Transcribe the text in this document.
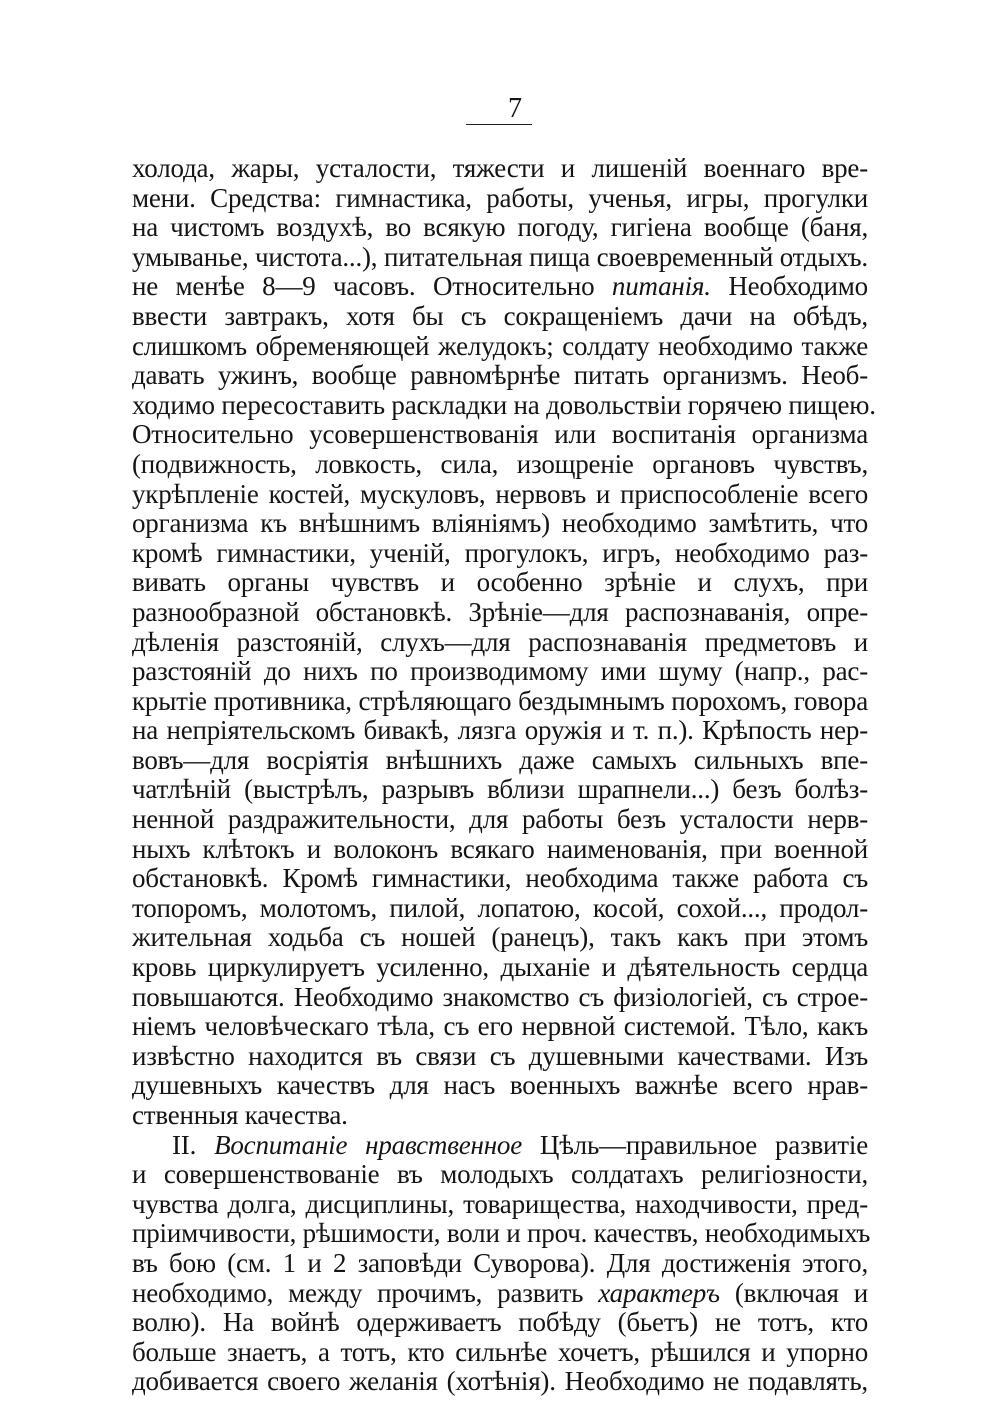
7
холода, жары, усталости, тяжести и лишеній военнаго вре-
мени. Средства: гимнастика, работы, ученья, игры, прогулки
на чистомъ воздухѣ, во всякую погоду, гигіена вообще (баня,
умыванье, чистота...), питательная пища своевременный отдыхъ.
не менѣе 8—9 часовъ. Относительно питанія. Необходимо
ввести завтракъ, хотя бы съ сокращеніемъ дачи на обѣдъ,
слишкомъ обременяющей желудокъ; солдату необходимо также
давать ужинъ, вообще равномѣрнѣе питать организмъ. Необ-
ходимо пересоставить раскладки на довольствіи горячею пищею.
Относительно усовершенствованія или воспитанія организма
(подвижность, ловкость, сила, изощреніе органовъ чувствъ,
укрѣпленіе костей, мускуловъ, нервовъ и приспособленіе всего
организма къ внѣшнимъ вліяніямъ) необходимо замѣтить, что
кромѣ гимнастики, ученій, прогулокъ, игръ, необходимо раз-
вивать органы чувствъ и особенно зрѣніе и слухъ, при
разнообразной обстановкѣ. Зрѣніе—для распознаванія, опре-
дѣленія разстояній, слухъ—для распознаванія предметовъ и
разстояній до нихъ по производимому ими шуму (напр., рас-
крытіе противника, стрѣляющаго бездымнымъ порохомъ, говора
на непріятельскомъ бивакѣ, лязга оружія и т. п.). Крѣпость нер-
вовъ—для восріятія внѣшнихъ даже самыхъ сильныхъ впе-
чатлѣній (выстрѣлъ, разрывъ вблизи шрапнели...) безъ болѣз-
ненной раздражительности, для работы безъ усталости нерв-
ныхъ клѣтокъ и волоконъ всякаго наименованія, при военной
обстановкѣ. Кромѣ гимнастики, необходима также работа съ
топоромъ, молотомъ, пилой, лопатою, косой, сохой..., продол-
жительная ходьба съ ношей (ранецъ), такъ какъ при этомъ
кровь циркулируетъ усиленно, дыханіе и дѣятельность сердца
повышаются. Необходимо знакомство съ физіологіей, съ строе-
ніемъ человѣческаго тѣла, съ его нервной системой. Тѣло, какъ
извѣстно находится въ связи съ душевными качествами. Изъ
душевныхъ качествъ для насъ военныхъ важнѣе всего нрав-
ственныя качества.
II. Воспитаніе нравственное Цѣль—правильное развитіе
и совершенствованіе въ молодыхъ солдатахъ религіозности,
чувства долга, дисциплины, товарищества, находчивости, пред-
пріимчивости, рѣшимости, воли и проч. качествъ, необходимыхъ
въ бою (см. 1 и 2 заповѣди Суворова). Для достиженія этого,
необходимо, между прочимъ, развить характеръ (включая и
волю). На войнѣ одерживаетъ побѣду (бьетъ) не тотъ, кто
больше знаетъ, а тотъ, кто сильнѣе хочетъ, рѣшился и упорно
добивается своего желанія (хотѣнія). Необходимо не подавлять,
